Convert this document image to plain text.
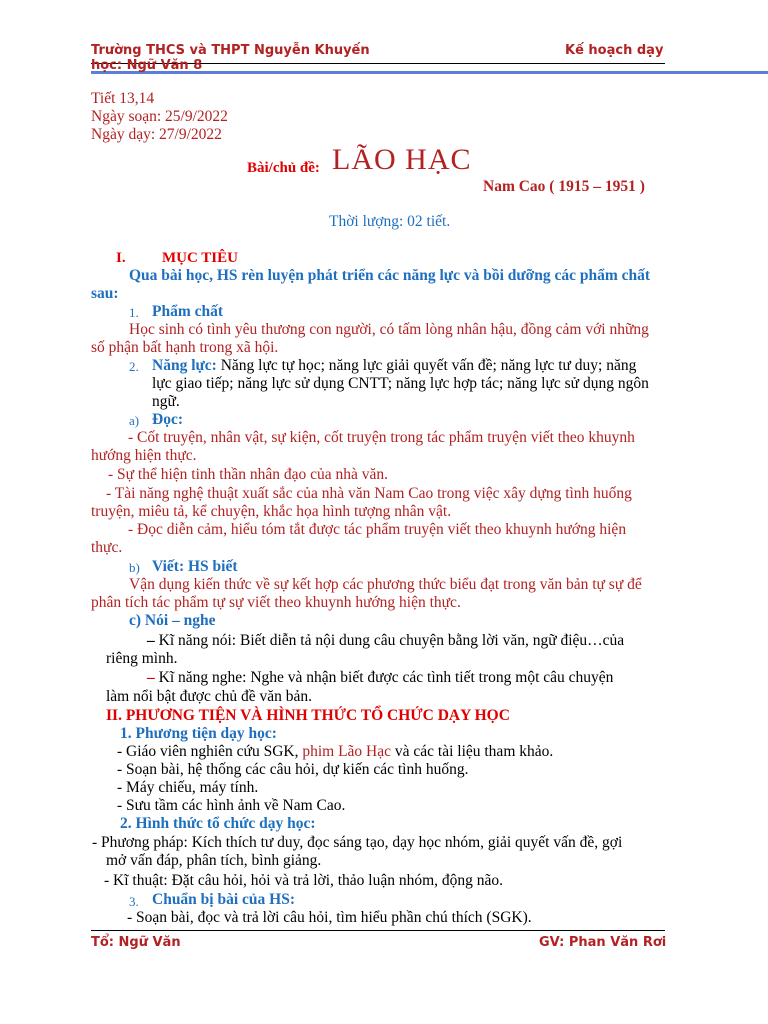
Trường THCS và THPT Nguyễn Khuyến	Kế hoạch dạy
học: Ngữ Văn 8
Tiết 13,14
Ngày soạn: 25/9/2022
Ngày dạy: 27/9/2022
Bài/chủ đề: LÃO HẠC
Nam Cao ( 1915 – 1951 )
Thời lượng: 02 tiết.
I. MỤC TIÊU
Qua bài học, HS rèn luyện phát triển các năng lực và bồi dưỡng các phẩm chất
sau:
1. Phẩm chất
Học sinh có tình yêu thương con người, có tấm lòng nhân hậu, đồng cảm với những
số phận bất hạnh trong xã hội.
2. Năng lực: Năng lực tự học; năng lực giải quyết vấn đề; năng lực tư duy; năng
lực giao tiếp; năng lực sử dụng CNTT; năng lực hợp tác; năng lực sử dụng ngôn
ngữ.
a) Đọc:
- Cốt truyện, nhân vật, sự kiện, cốt truyện trong tác phẩm truyện viết theo khuynh
hướng hiện thực.
- Sự thể hiện tinh thần nhân đạo của nhà văn.
- Tài năng nghệ thuật xuất sắc của nhà văn Nam Cao trong việc xây dựng tình huống
truyện, miêu tả, kể chuyện, khắc họa hình tượng nhân vật.
- Đọc diễn cảm, hiểu tóm tắt được tác phẩm truyện viết theo khuynh hướng hiện
thực.
b) Viết: HS biết
Vận dụng kiến thức về sự kết hợp các phương thức biểu đạt trong văn bản tự sự để
phân tích tác phẩm tự sự viết theo khuynh hướng hiện thực.
c) Nói – nghe
– Kĩ năng nói: Biết diễn tả nội dung câu chuyện bằng lời văn, ngữ điệu…của
riêng mình.
– Kĩ năng nghe: Nghe và nhận biết được các tình tiết trong một câu chuyện
làm nổi bật được chủ đề văn bản.
II. PHƯƠNG TIỆN VÀ HÌNH THỨC TỔ CHỨC DẠY HỌC
1. Phương tiện dạy học:
- Giáo viên nghiên cứu SGK, phim Lão Hạc và các tài liệu tham khảo.
- Soạn bài, hệ thống các câu hỏi, dự kiến các tình huống.
- Máy chiếu, máy tính.
- Sưu tầm các hình ảnh về Nam Cao.
2. Hình thức tổ chức dạy học:
- Phương pháp: Kích thích tư duy, đọc sáng tạo, dạy học nhóm, giải quyết vấn đề, gợi
mở vấn đáp, phân tích, bình giảng.
- Kĩ thuật: Đặt câu hỏi, hỏi và trả lời, thảo luận nhóm, động não.
3. Chuẩn bị bài của HS:
- Soạn bài, đọc và trả lời câu hỏi, tìm hiểu phần chú thích (SGK).
Tổ: Ngữ Văn	GV: Phan Văn Rơi
